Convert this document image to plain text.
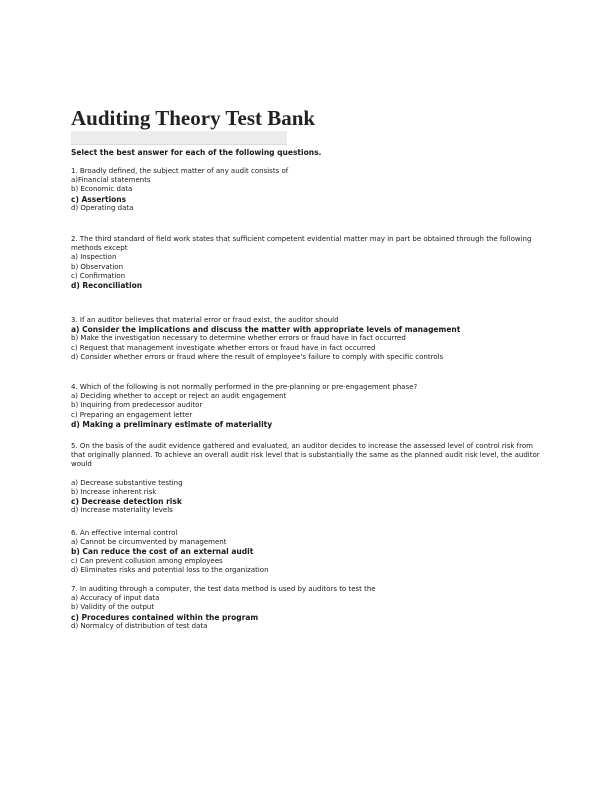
Auditing Theory Test Bank

Select the best answer for each of the following questions.

1. Broadly defined, the subject matter of any audit consists of
a)Financial statements
b) Economic data
c) Assertions
d) Operating data
2. The third standard of field work states that sufficient competent evidential matter may in part be obtained through the following methods except
a) Inspection
b) Observation
c) Confirmation
d) Reconciliation
3. If an auditor believes that material error or fraud exist, the auditor should
a) Consider the implications and discuss the matter with appropriate levels of management
b) Make the investigation necessary to determine whether errors or fraud have in fact occurred
c) Request that management investigate whether errors or fraud have in fact occurred
d) Consider whether errors or fraud where the result of employee's failure to comply with specific controls
4. Which of the following is not normally performed in the pre-planning or pre-engagement phase?
a) Deciding whether to accept or reject an audit engagement
b) Inquiring from predecessor auditor
c) Preparing an engagement letter
d) Making a preliminary estimate of materiality
5. On the basis of the audit evidence gathered and evaluated, an auditor decides to increase the assessed level of control risk from that originally planned. To achieve an overall audit risk level that is substantially the same as the planned audit risk level, the auditor would
a) Decrease substantive testing
b) Increase inherent risk
c) Decrease detection risk
d) Increase materiality levels
6. An effective internal control
a) Cannot be circumvented by management
b) Can reduce the cost of an external audit
c) Can prevent collusion among employees
d) Eliminates risks and potential loss to the organization
7. In auditing through a computer, the test data method is used by auditors to test the
a) Accuracy of input data
b) Validity of the output
c) Procedures contained within the program
d) Normalcy of distribution of test data
